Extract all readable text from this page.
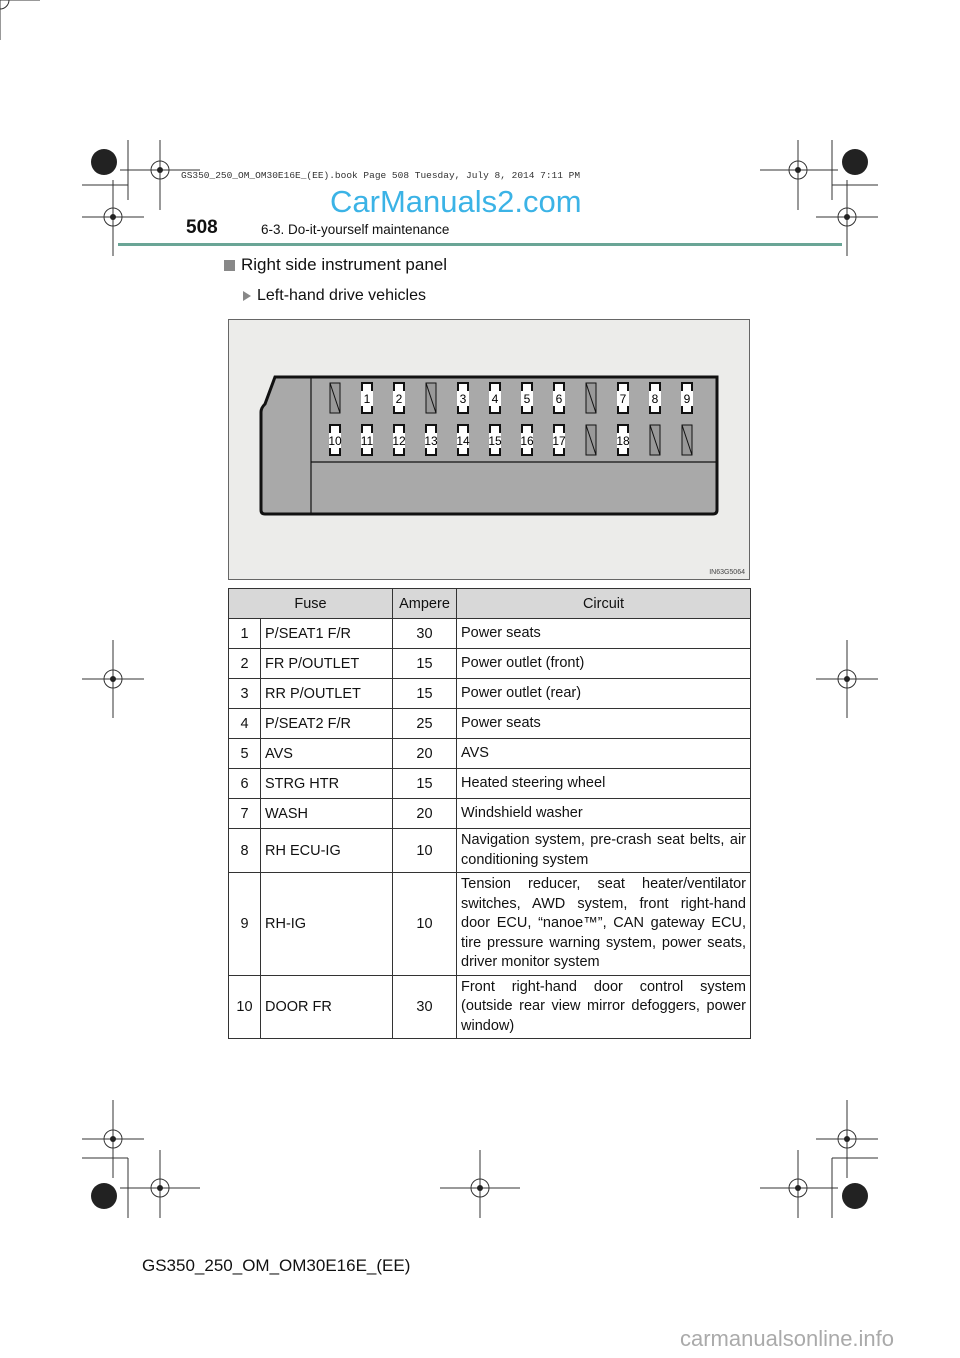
GS350_250_OM_OM30E16E_(EE).book Page 508 Tuesday, July 8, 2014 7:11 PM
CarManuals2.com
508	6-3. Do-it-yourself maintenance
Right side instrument panel
Left-hand drive vehicles
1 2	3 4 5 6	7 8 9
10 11 12 13 14 15 16 17	18
IN63G5064
Fuse		Ampere	Circuit
1	P/SEAT1 F/R	30	Power seats
2	FR P/OUTLET	15	Power outlet (front)
3	RR P/OUTLET	15	Power outlet (rear)
4	P/SEAT2 F/R	25	Power seats
5	AVS	20	AVS
6	STRG HTR	15	Heated steering wheel
7	WASH	20	Windshield washer
8	RH ECU-IG	10	Navigation system, pre-crash seat belts, air conditioning system
9	RH-IG	10	Tension reducer, seat heater/ventilator switches, AWD system, front right-hand door ECU, “nanoe™”, CAN gateway ECU, tire pressure warning system, power seats, driver monitor system
10	DOOR FR	30	Front right-hand door control system (outside rear view mirror defoggers, power window)
GS350_250_OM_OM30E16E_(EE)
carmanualsonline.info
